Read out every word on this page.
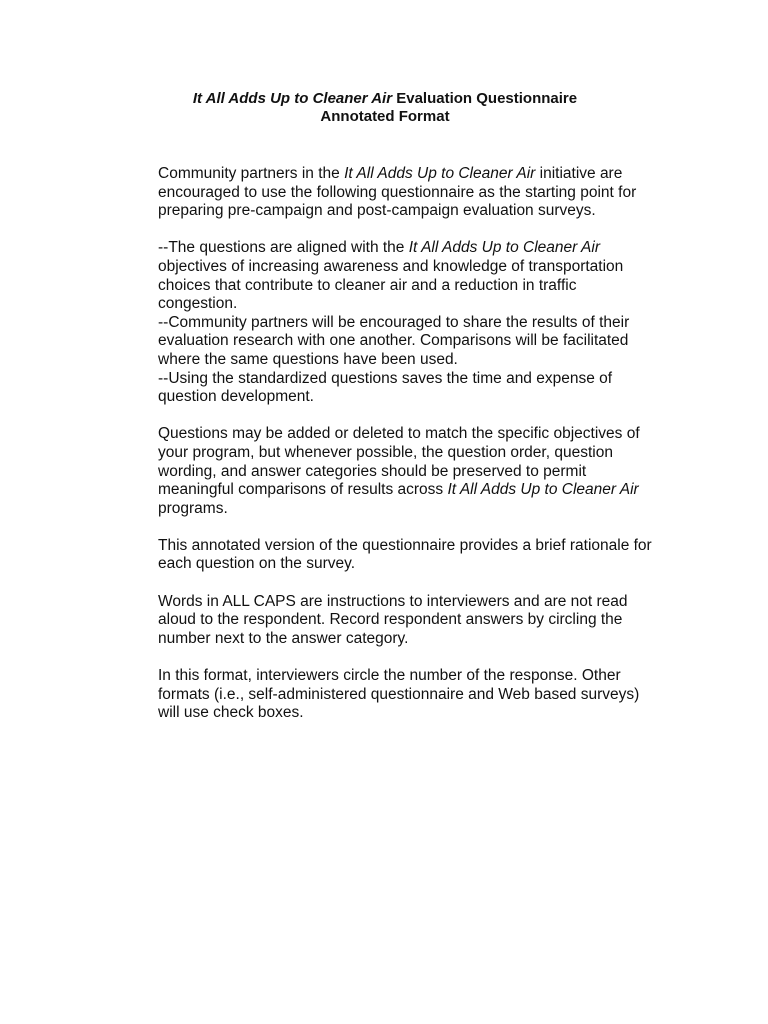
It All Adds Up to Cleaner Air Evaluation Questionnaire
Annotated Format

Community partners in the It All Adds Up to Cleaner Air initiative are encouraged to use the following questionnaire as the starting point for preparing pre-campaign and post-campaign evaluation surveys.

--The questions are aligned with the It All Adds Up to Cleaner Air objectives of increasing awareness and knowledge of transportation choices that contribute to cleaner air and a reduction in traffic congestion.

--Community partners will be encouraged to share the results of their evaluation research with one another. Comparisons will be facilitated where the same questions have been used.

--Using the standardized questions saves the time and expense of question development.

Questions may be added or deleted to match the specific objectives of your program, but whenever possible, the question order, question wording, and answer categories should be preserved to permit meaningful comparisons of results across It All Adds Up to Cleaner Air programs.

This annotated version of the questionnaire provides a brief rationale for each question on the survey.

Words in ALL CAPS are instructions to interviewers and are not read aloud to the respondent. Record respondent answers by circling the number next to the answer category.

In this format, interviewers circle the number of the response. Other formats (i.e., self-administered questionnaire and Web based surveys) will use check boxes.
